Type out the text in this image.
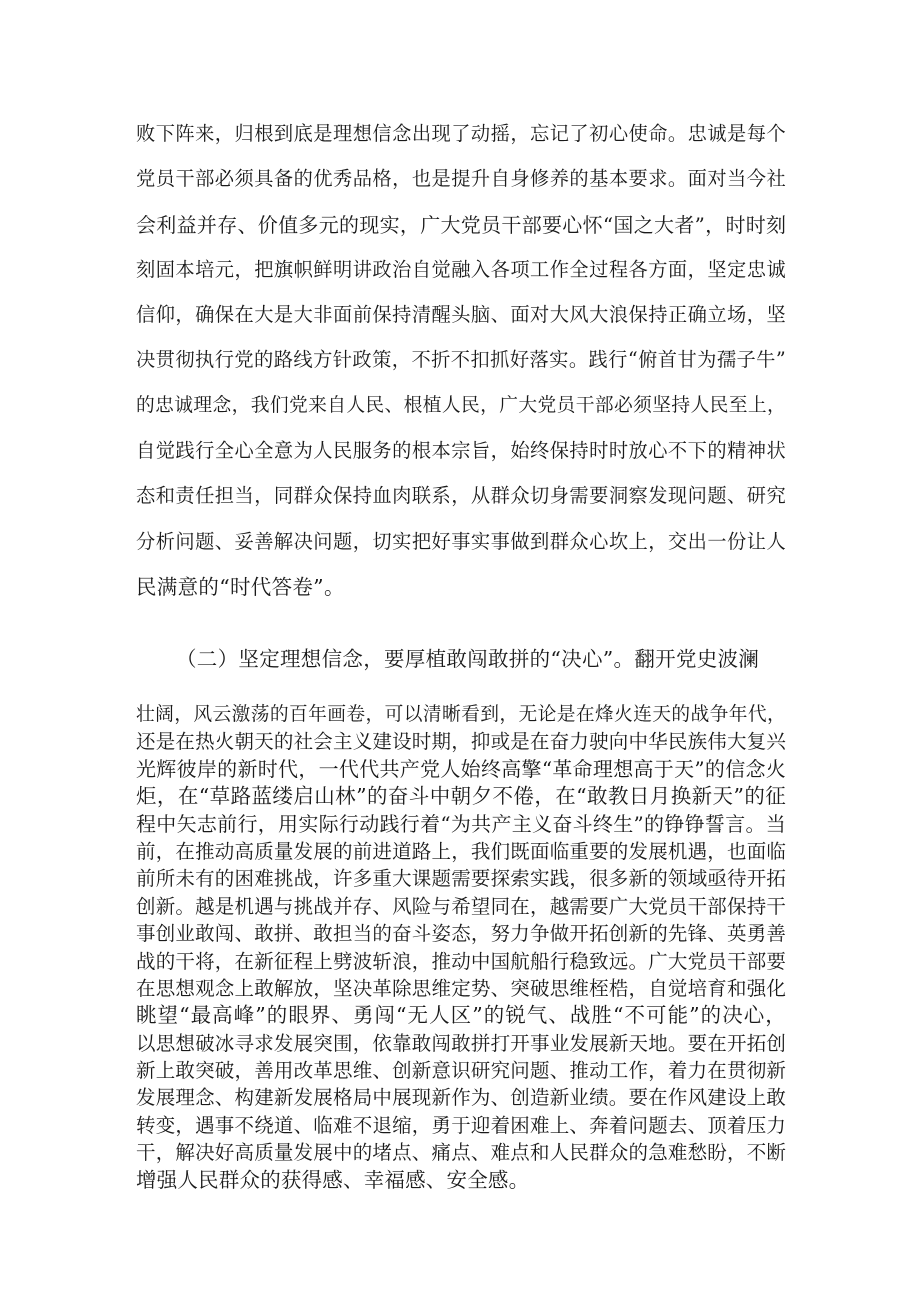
败下阵来，归根到底是理想信念出现了动摇，忘记了初心使命。忠诚是每个
党员干部必须具备的优秀品格，也是提升自身修养的基本要求。面对当今社
会利益并存、价值多元的现实，广大党员干部要心怀“国之大者”，时时刻
刻固本培元，把旗帜鲜明讲政治自觉融入各项工作全过程各方面，坚定忠诚
信仰，确保在大是大非面前保持清醒头脑、面对大风大浪保持正确立场，坚
决贯彻执行党的路线方针政策，不折不扣抓好落实。践行“俯首甘为孺子牛”
的忠诚理念，我们党来自人民、根植人民，广大党员干部必须坚持人民至上，
自觉践行全心全意为人民服务的根本宗旨，始终保持时时放心不下的精神状
态和责任担当，同群众保持血肉联系，从群众切身需要洞察发现问题、研究
分析问题、妥善解决问题，切实把好事实事做到群众心坎上，交出一份让人
民满意的“时代答卷”。
（二）坚定理想信念，要厚植敢闯敢拼的“决心”。翻开党史波澜
壮阔，风云激荡的百年画卷，可以清晰看到，无论是在烽火连天的战争年代，
还是在热火朝天的社会主义建设时期，抑或是在奋力驶向中华民族伟大复兴
光辉彼岸的新时代，一代代共产党人始终高擎“革命理想高于天”的信念火
炬，在“草路蓝缕启山林”的奋斗中朝夕不倦，在“敢教日月换新天”的征
程中矢志前行，用实际行动践行着“为共产主义奋斗终生”的铮铮誓言。当
前，在推动高质量发展的前进道路上，我们既面临重要的发展机遇，也面临
前所未有的困难挑战，许多重大课题需要探索实践，很多新的领域亟待开拓
创新。越是机遇与挑战并存、风险与希望同在，越需要广大党员干部保持干
事创业敢闯、敢拼、敢担当的奋斗姿态，努力争做开拓创新的先锋、英勇善
战的干将，在新征程上劈波斩浪，推动中国航船行稳致远。广大党员干部要
在思想观念上敢解放，坚决革除思维定势、突破思维桎梏，自觉培育和强化
眺望“最高峰”的眼界、勇闯“无人区”的锐气、战胜“不可能”的决心，
以思想破冰寻求发展突围，依靠敢闯敢拼打开事业发展新天地。要在开拓创
新上敢突破，善用改革思维、创新意识研究问题、推动工作，着力在贯彻新
发展理念、构建新发展格局中展现新作为、创造新业绩。要在作风建设上敢
转变，遇事不绕道、临难不退缩，勇于迎着困难上、奔着问题去、顶着压力
干，解决好高质量发展中的堵点、痛点、难点和人民群众的急难愁盼，不断
增强人民群众的获得感、幸福感、安全感。
